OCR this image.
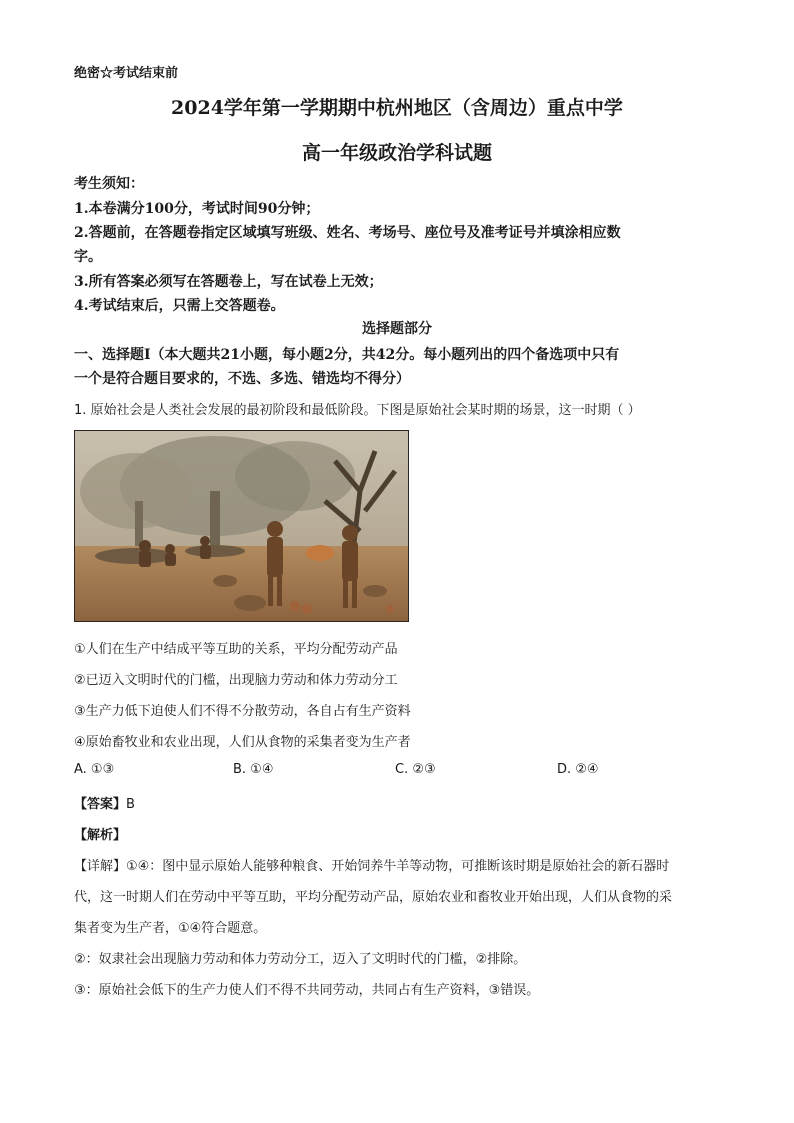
绝密☆考试结束前
2024学年第一学期期中杭州地区（含周边）重点中学
高一年级政治学科试题
考生须知：
1.本卷满分100分，考试时间90分钟；
2.答题前，在答题卷指定区域填写班级、姓名、考场号、座位号及准考证号并填涂相应数
字。
3.所有答案必须写在答题卷上，写在试卷上无效；
4.考试结束后，只需上交答题卷。
选择题部分
一、选择题Ⅰ（本大题共21小题，每小题2分，共42分。每小题列出的四个备选项中只有
一个是符合题目要求的，不选、多选、错选均不得分）
1. 原始社会是人类社会发展的最初阶段和最低阶段。下图是原始社会某时期的场景，这一时期（ ）
①人们在生产中结成平等互助的关系，平均分配劳动产品
②已迈入文明时代的门槛，出现脑力劳动和体力劳动分工
③生产力低下迫使人们不得不分散劳动，各自占有生产资料
④原始畜牧业和农业出现，人们从食物的采集者变为生产者
A. ①③	B. ①④	C. ②③	D. ②④
【答案】B
【解析】
【详解】①④：图中显示原始人能够种粮食、开始饲养牛羊等动物，可推断该时期是原始社会的新石器时
代，这一时期人们在劳动中平等互助，平均分配劳动产品，原始农业和畜牧业开始出现，人们从食物的采
集者变为生产者，①④符合题意。
②：奴隶社会出现脑力劳动和体力劳动分工，迈入了文明时代的门槛，②排除。
③：原始社会低下的生产力使人们不得不共同劳动，共同占有生产资料，③错误。
